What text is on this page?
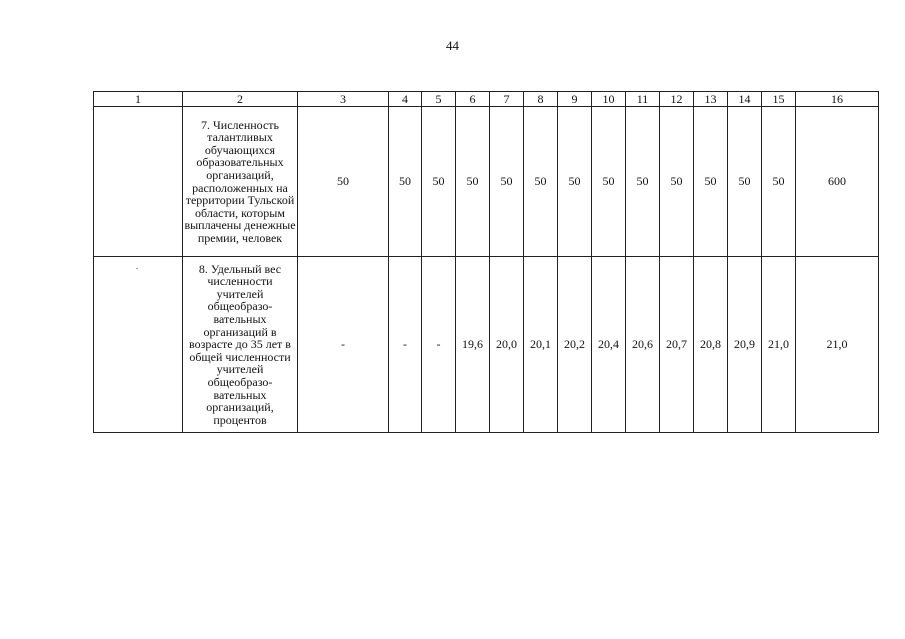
44
1	2	3	4	5	6	7	8	9	10	11	12	13	14	15	16
	7. Численность талантливых обучающихся образовательных организаций, расположенных на территории Тульской области, которым выплачены денежные премии, человек	50	50	50	50	50	50	50	50	50	50	50	50	50	600
	8. Удельный вес численности учителей общеобразо- вательных организаций в возрасте до 35 лет в общей численности учителей общеобразо- вательных организаций, процентов	-	-	-	19,6	20,0	20,1	20,2	20,4	20,6	20,7	20,8	20,9	21,0	21,0
